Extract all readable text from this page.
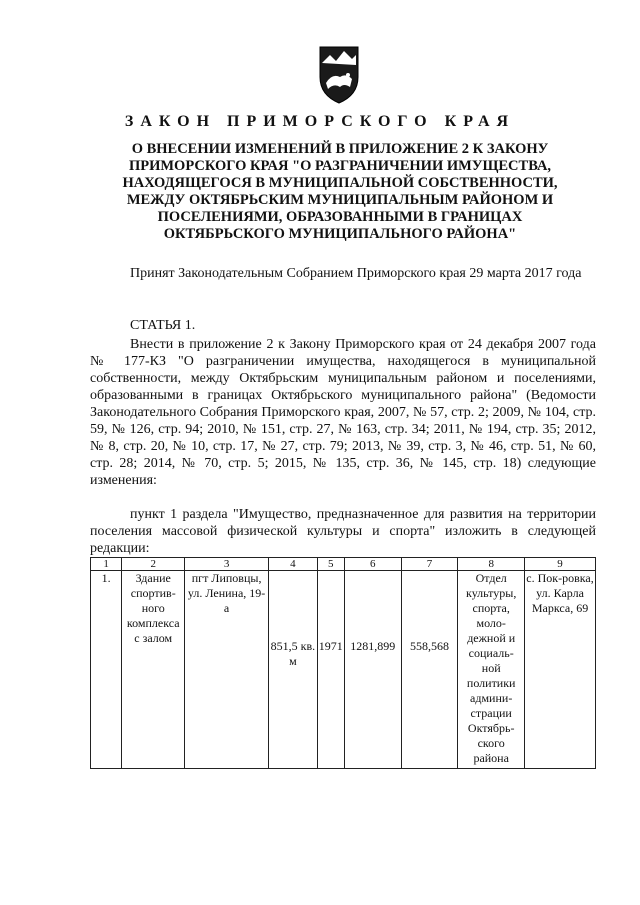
ЗАКОН ПРИМОРСКОГО КРАЯ
О ВНЕСЕНИИ ИЗМЕНЕНИЙ В ПРИЛОЖЕНИЕ 2 К ЗАКОНУ
ПРИМОРСКОГО КРАЯ "О РАЗГРАНИЧЕНИИ ИМУЩЕСТВА,
НАХОДЯЩЕГОСЯ В МУНИЦИПАЛЬНОЙ СОБСТВЕННОСТИ,
МЕЖДУ ОКТЯБРЬСКИМ МУНИЦИПАЛЬНЫМ РАЙОНОМ И
ПОСЕЛЕНИЯМИ, ОБРАЗОВАННЫМИ В ГРАНИЦАХ
ОКТЯБРЬСКОГО МУНИЦИПАЛЬНОГО РАЙОНА"
Принят Законодательным Собранием Приморского края 29 марта 2017 года
СТАТЬЯ 1.
Внести в приложение 2 к Закону Приморского края от 24 декабря 2007 года № 177-КЗ "О разграничении имущества, находящегося в муниципальной собственности, между Октябрьским муниципальным районом и поселениями, образованными в границах Октябрьского муниципального района" (Ведомости Законодательного Собрания Приморского края, 2007, № 57, стр. 2; 2009, № 104, стр. 59, № 126, стр. 94; 2010, № 151, стр. 27, № 163, стр. 34; 2011, № 194, стр. 35; 2012, № 8, стр. 20, № 10, стр. 17, № 27, стр. 79; 2013, № 39, стр. 3, № 46, стр. 51, № 60, стр. 28; 2014, № 70, стр. 5; 2015, № 135, стр. 36, № 145, стр. 18) следующие изменения:
пункт 1 раздела "Имущество, предназначенное для развития на территории поселения массовой физической культуры и спорта" изложить в следующей редакции:
1	2	3	4	5	6	7	8	9
1.	Здание спортив-ного комплекса с залом	пгт Липовцы, ул. Ленина, 19-а	851,5 кв. м	1971	1281,899	558,568	Отдел культуры, спорта, моло-дежной и социаль-ной политики админи-страции Октябрь-ского района	с. Пок-ровка, ул. Карла Маркса, 69
